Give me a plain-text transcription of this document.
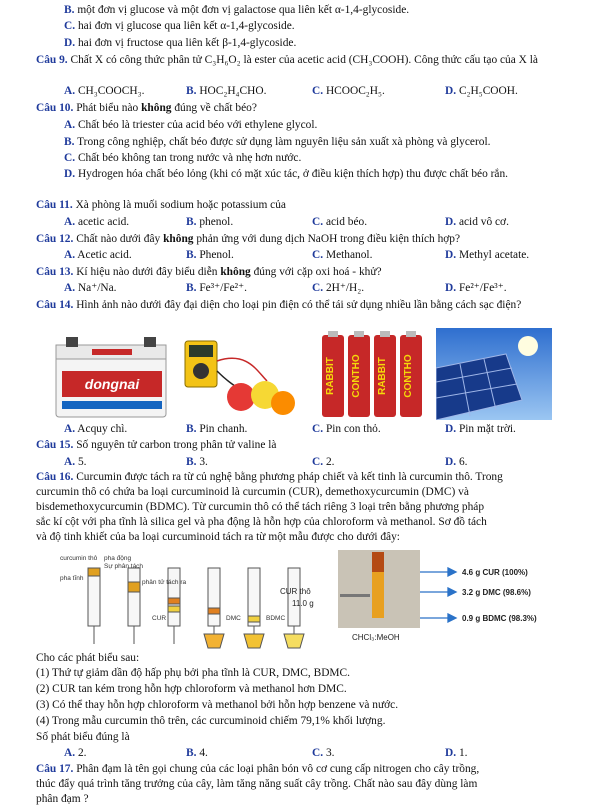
B. một đơn vị glucose và một đơn vị galactose qua liên kết α-1,4-glycoside.
C. hai đơn vị glucose qua liên kết α-1,4-glycoside.
D. hai đơn vị fructose qua liên kết β-1,4-glycoside.
Câu 9. Chất X có công thức phân tử C₃H₆O₂ là ester của acetic acid (CH₃COOH). Công thức cấu tạo của X là
A. CH₃COOCH₃.	B. HOC₂H₄CHO.	C. HCOOC₂H₅.	D. C₂H₅COOH.
Câu 10. Phát biểu nào không đúng về chất béo?
A. Chất béo là triester của acid béo với ethylene glycol.
B. Trong công nghiệp, chất béo được sử dụng làm nguyên liệu sản xuất xà phòng và glycerol.
C. Chất béo không tan trong nước và nhẹ hơn nước.
D. Hydrogen hóa chất béo lỏng (khi có mặt xúc tác, ở điều kiện thích hợp) thu được chất béo rắn.
Câu 11. Xà phòng là muối sodium hoặc potassium của
A. acetic acid.	B. phenol.	C. acid béo.	D. acid vô cơ.
Câu 12. Chất nào dưới đây không phản ứng với dung dịch NaOH trong điều kiện thích hợp?
A. Acetic acid.	B. Phenol.	C. Methanol.	D. Methyl acetate.
Câu 13. Kí hiệu nào dưới đây biểu diễn không đúng với cặp oxi hoá - khử?
A. Na⁺/Na.	B. Fe³⁺/Fe²⁺.	C. 2H⁺/H₂.	D. Fe²⁺/Fe³⁺.
Câu 14. Hình ảnh nào dưới đây đại diện cho loại pin điện có thể tái sử dụng nhiều lần bằng cách sạc điện?
dongnai	RABBIT CONTHO RABBIT CONTHO
A. Acquy chì.	B. Pin chanh.	C. Pin con thỏ.	D. Pin mặt trời.
Câu 15. Số nguyên tử carbon trong phân tử valine là
A. 5.	B. 3.	C. 2.	D. 6.
Câu 16. Curcumin được tách ra từ củ nghệ bằng phương pháp chiết và kết tinh là curcumin thô. Trong
curcumin thô có chứa ba loại curcuminoid là curcumin (CUR), demethoxycurcumin (DMC) và
bisdemethoxycurcumin (BDMC). Từ curcumin thô có thể tách riêng 3 loại trên bằng phương pháp
sắc kí cột với pha tĩnh là silica gel và pha động là hỗn hợp của chloroform và methanol. Sơ đồ tách
và độ tinh khiết của ba loại curcuminoid tách ra từ một mẫu được cho dưới đây:
curcumin thô pha động
Sự phân tách
pha tĩnh
phân tử tách ra
CUR	DMC	BDMC
CUR thô
11.0 g
CHCl₃:MeOH
4.6 g CUR (100%)
3.2 g DMC (98.6%)
0.9 g BDMC (98.3%)
Cho các phát biểu sau:
(1) Thứ tự giảm dần độ hấp phụ bởi pha tĩnh là CUR, DMC, BDMC.
(2) CUR tan kém trong hỗn hợp chloroform và methanol hơn DMC.
(3) Có thể thay hỗn hợp chloroform và methanol bởi hỗn hợp benzene và nước.
(4) Trong mẫu curcumin thô trên, các curcuminoid chiếm 79,1% khối lượng.
Số phát biểu đúng là
A. 2.	B. 4.	C. 3.	D. 1.
Câu 17. Phân đạm là tên gọi chung của các loại phân bón vô cơ cung cấp nitrogen cho cây trồng,
thúc đẩy quá trình tăng trưởng của cây, làm tăng năng suất cây trồng. Chất nào sau đây dùng làm
phân đạm ?
